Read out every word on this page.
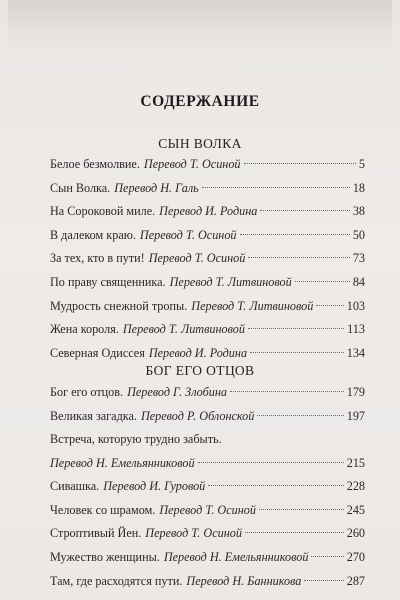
СОДЕРЖАНИЕ
СЫН ВОЛКА
Белое безмолвие. Перевод Т. Осиной	5
Сын Волка. Перевод Н. Галь	18
На Сороковой миле. Перевод И. Родина	38
В далеком краю. Перевод Т. Осиной	50
За тех, кто в пути! Перевод Т. Осиной	73
По праву священника. Перевод Т. Литвиновой	84
Мудрость снежной тропы. Перевод Т. Литвиновой	103
Жена короля. Перевод Т. Литвиновой	113
Северная Одиссея Перевод И. Родина	134
БОГ ЕГО ОТЦОВ
Бог его отцов. Перевод Г. Злобина	179
Великая загадка. Перевод Р. Облонской	197
Встреча, которую трудно забыть.
Перевод Н. Емельянниковой	215
Сивашка. Перевод И. Гуровой	228
Человек со шрамом. Перевод Т. Осиной	245
Строптивый Йен. Перевод Т. Осиной	260
Мужество женщины. Перевод Н. Емельянниковой	270
Там, где расходятся пути. Перевод Н. Банникова	287
